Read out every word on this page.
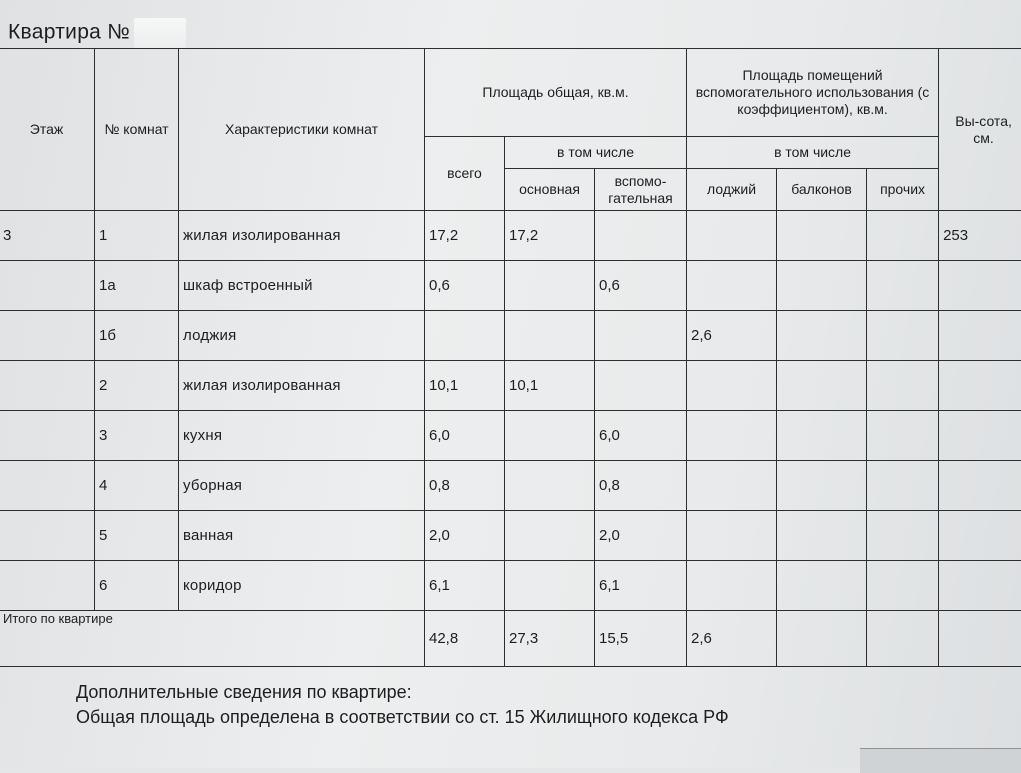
Квартира №
Этаж	№ комнат	Характеристики комнат	Площадь общая, кв.м.			Площадь помещений вспомогательного использования (с коэффициентом), кв.м.			Вы-сота, см.
			всего	в том числе		в том числе			
				основная	вспомо-гательная	лоджий	балконов	прочих	
3	1	жилая изолированная	17,2	17,2					253
	1а	шкаф встроенный	0,6		0,6				
	1б	лоджия				2,6			
	2	жилая изолированная	10,1	10,1					
	3	кухня	6,0		6,0				
	4	уборная	0,8		0,8				
	5	ванная	2,0		2,0				
	6	коридор	6,1		6,1				
Итого по квартире			42,8	27,3	15,5	2,6			
Дополнительные сведения по квартире:
Общая площадь определена в соответствии со ст. 15 Жилищного кодекса РФ
